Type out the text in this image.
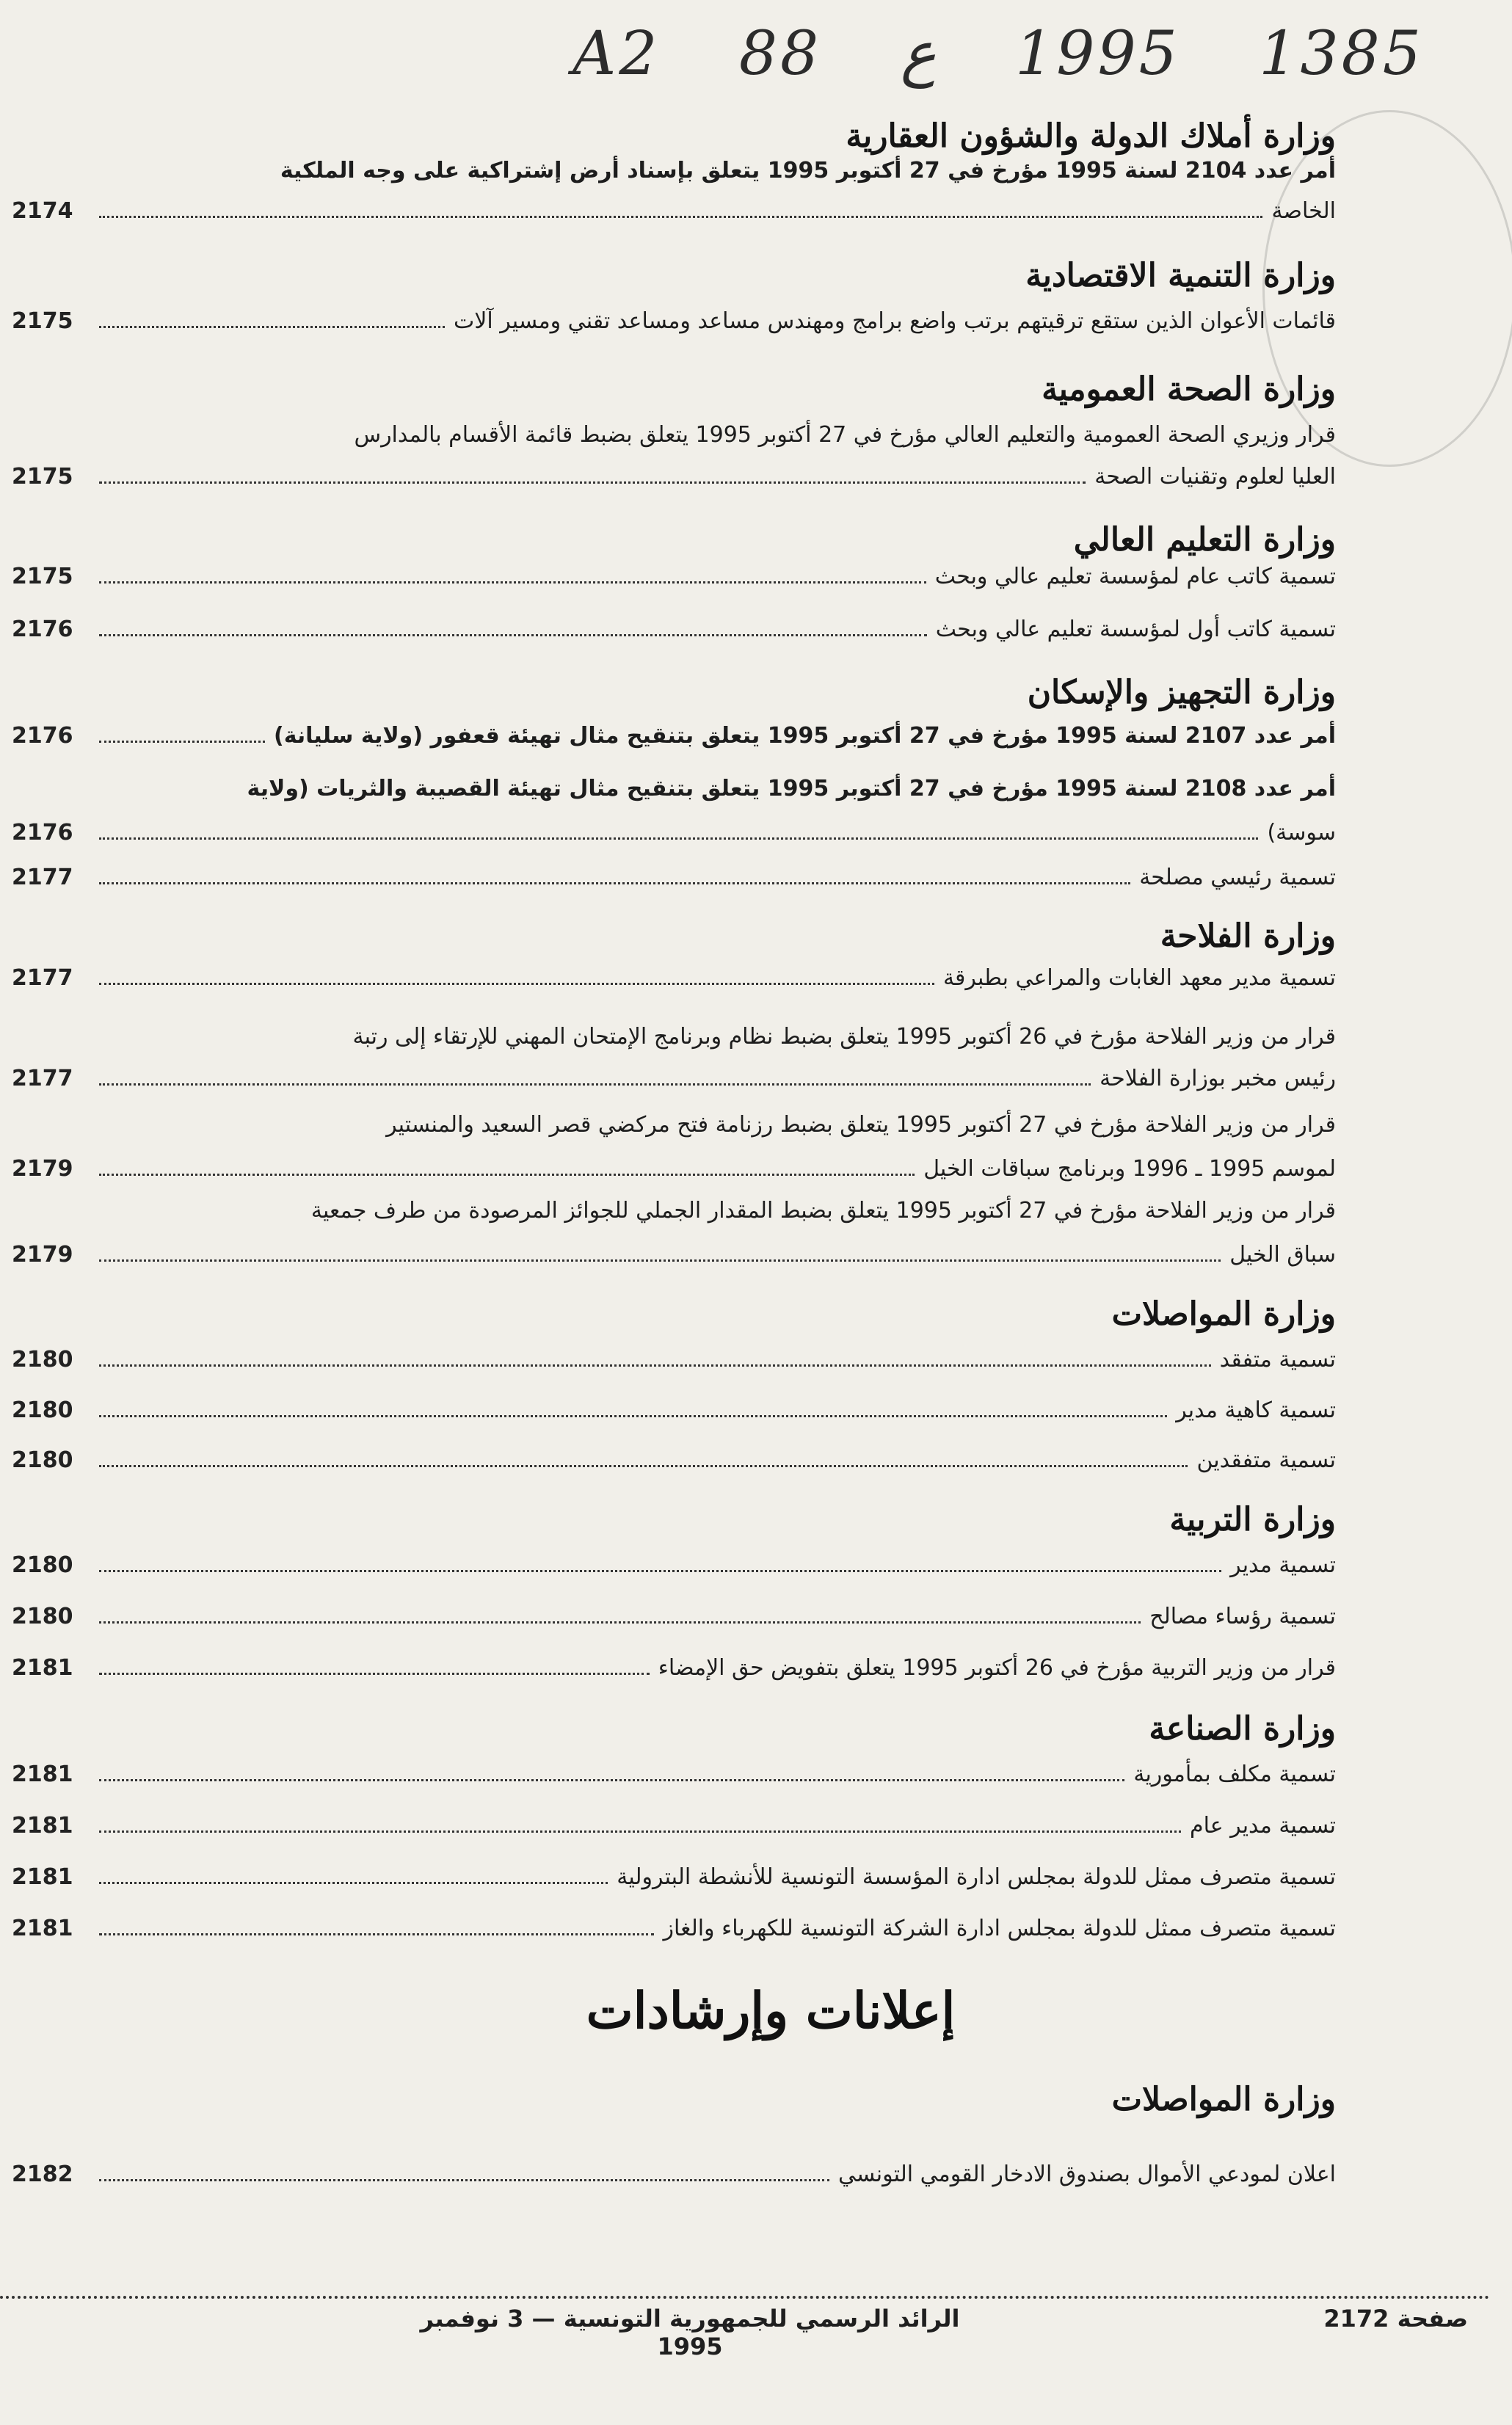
A2 88 ع 1995 1385
وزارة أملاك الدولة والشؤون العقارية
أمر عدد 2104 لسنة 1995 مؤرخ في 27 أكتوبر 1995 يتعلق بإسناد أرض إشتراكية على وجه الملكية
الخاصة
2174
وزارة التنمية الاقتصادية
قائمات الأعوان الذين ستقع ترقيتهم برتب واضع برامج ومهندس مساعد ومساعد تقني ومسير آلات
2175
وزارة الصحة العمومية
قرار وزيري الصحة العمومية والتعليم العالي مؤرخ في 27 أكتوبر 1995 يتعلق بضبط قائمة الأقسام بالمدارس
العليا لعلوم وتقنيات الصحة
2175
وزارة التعليم العالي
تسمية كاتب عام لمؤسسة تعليم عالي وبحث
2175
تسمية كاتب أول لمؤسسة تعليم عالي وبحث
2176
وزارة التجهيز والإسكان
أمر عدد 2107 لسنة 1995 مؤرخ في 27 أكتوبر 1995 يتعلق بتنقيح مثال تهيئة قعفور (ولاية سليانة)
2176
أمر عدد 2108 لسنة 1995 مؤرخ في 27 أكتوبر 1995 يتعلق بتنقيح مثال تهيئة القصيبة والثريات (ولاية
سوسة)
2176
تسمية رئيسي مصلحة
2177
وزارة الفلاحة
تسمية مدير معهد الغابات والمراعي بطبرقة
2177
قرار من وزير الفلاحة مؤرخ في 26 أكتوبر 1995 يتعلق بضبط نظام وبرنامج الإمتحان المهني للإرتقاء إلى رتبة
رئيس مخبر بوزارة الفلاحة
2177
قرار من وزير الفلاحة مؤرخ في 27 أكتوبر 1995 يتعلق بضبط رزنامة فتح مركضي قصر السعيد والمنستير
لموسم 1995 ـ 1996 وبرنامج سباقات الخيل
2179
قرار من وزير الفلاحة مؤرخ في 27 أكتوبر 1995 يتعلق بضبط المقدار الجملي للجوائز المرصودة من طرف جمعية
سباق الخيل
2179
وزارة المواصلات
تسمية متفقد
2180
تسمية كاهية مدير
2180
تسمية متفقدين
2180
وزارة التربية
تسمية مدير
2180
تسمية رؤساء مصالح
2180
قرار من وزير التربية مؤرخ في 26 أكتوبر 1995 يتعلق بتفويض حق الإمضاء
2181
وزارة الصناعة
تسمية مكلف بمأمورية
2181
تسمية مدير عام
2181
تسمية متصرف ممثل للدولة بمجلس ادارة المؤسسة التونسية للأنشطة البترولية
2181
تسمية متصرف ممثل للدولة بمجلس ادارة الشركة التونسية للكهرباء والغاز
2181
وزارة المواصلات
اعلان لمودعي الأموال بصندوق الادخار القومي التونسي
2182
إعلانات وإرشادات
الرائد الرسمي للجمهورية التونسية — 3 نوفمبر 1995
صفحة 2172
